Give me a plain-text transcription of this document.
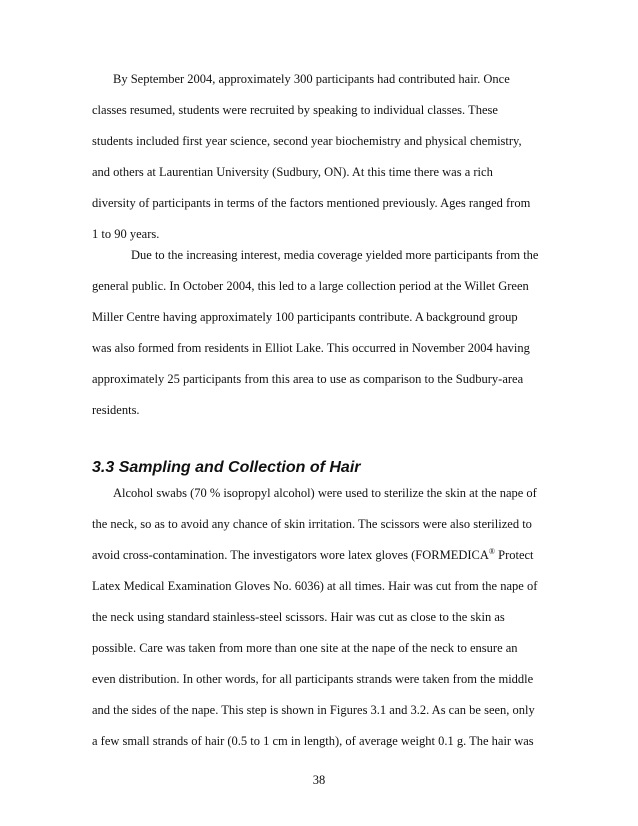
By September 2004, approximately 300 participants had contributed hair. Once
classes resumed, students were recruited by speaking to individual classes. These
students included first year science, second year biochemistry and physical chemistry,
and others at Laurentian University (Sudbury, ON). At this time there was a rich
diversity of participants in terms of the factors mentioned previously. Ages ranged from
1 to 90 years.
Due to the increasing interest, media coverage yielded more participants from the
general public. In October 2004, this led to a large collection period at the Willet Green
Miller Centre having approximately 100 participants contribute. A background group
was also formed from residents in Elliot Lake. This occurred in November 2004 having
approximately 25 participants from this area to use as comparison to the Sudbury-area
residents.
3.3 Sampling and Collection of Hair
Alcohol swabs (70 % isopropyl alcohol) were used to sterilize the skin at the nape of
the neck, so as to avoid any chance of skin irritation. The scissors were also sterilized to
avoid cross-contamination. The investigators wore latex gloves (FORMEDICA® Protect
Latex Medical Examination Gloves No. 6036) at all times. Hair was cut from the nape of
the neck using standard stainless-steel scissors. Hair was cut as close to the skin as
possible. Care was taken from more than one site at the nape of the neck to ensure an
even distribution. In other words, for all participants strands were taken from the middle
and the sides of the nape. This step is shown in Figures 3.1 and 3.2. As can be seen, only
a few small strands of hair (0.5 to 1 cm in length), of average weight 0.1 g. The hair was
38
